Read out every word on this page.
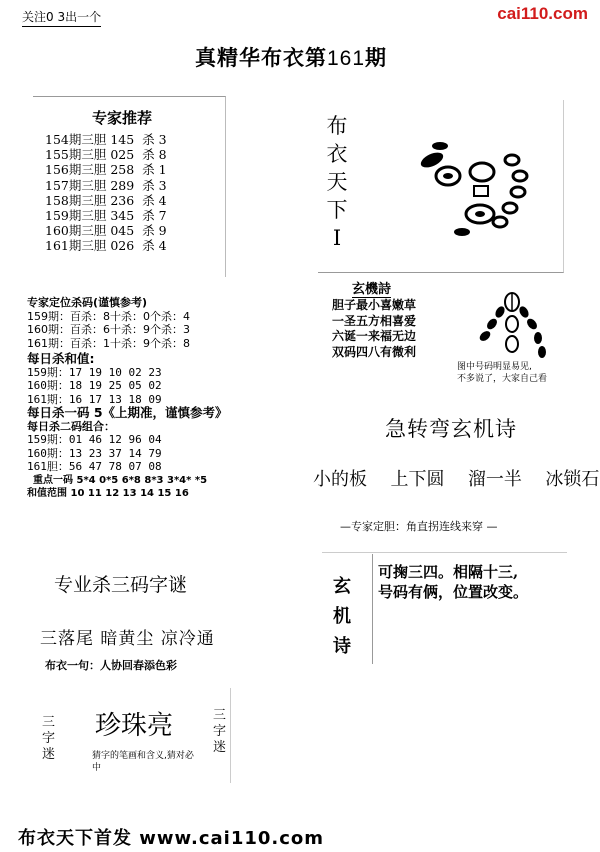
关注0 3出一个	cai110.com
真精华布衣第161期
专家推荐
154期三胆 145  杀 3
155期三胆 025  杀 8
156期三胆 258  杀 1
157期三胆 289  杀 3
158期三胆 236  杀 4
159期三胆 345  杀 7
160期三胆 045  杀 9
161期三胆 026  杀 4
专家定位杀码(谨慎参考)
159期：百杀：8十杀：0个杀：4
160期：百杀：6十杀：9个杀：3
161期：百杀：1十杀：9个杀：8
每日杀和值:
159期：17 19 10 02 23
160期：18 19 25 05 02
161期：16 17 13 18 09
每日杀一码 5《上期准，谨慎参考》
每日杀二码组合：
159期：01 46 12 96 04
160期：13 23 37 14 79
161胆：56 47 78 07 08
重点一码 5*4 0*5 6*8 8*3 3*4* *5
和值范围 10 11 12 13 14 15 16
布
衣
天
下
I
玄機詩
胆子最小喜嫩草
一圣五方相喜爱
六诞一来福无边
双码四八有微利
图中号码明显易见,
不多说了，大家自己看
急转弯玄机诗
小的板  上下圆  溜一半  冰锁石
—专家定胆：角直拐连线来穿 —
玄
机
诗
可掬三四。相隔十三,
号码有俩，位置改变。
专业杀三码字谜
三落尾 暗黄尘 凉冷通
布衣一句：人协回春添色彩
三
字
迷
珍珠亮
猜字的笔画和含义,猜对必中
三
字
迷
布衣天下首发 www.cai110.com
